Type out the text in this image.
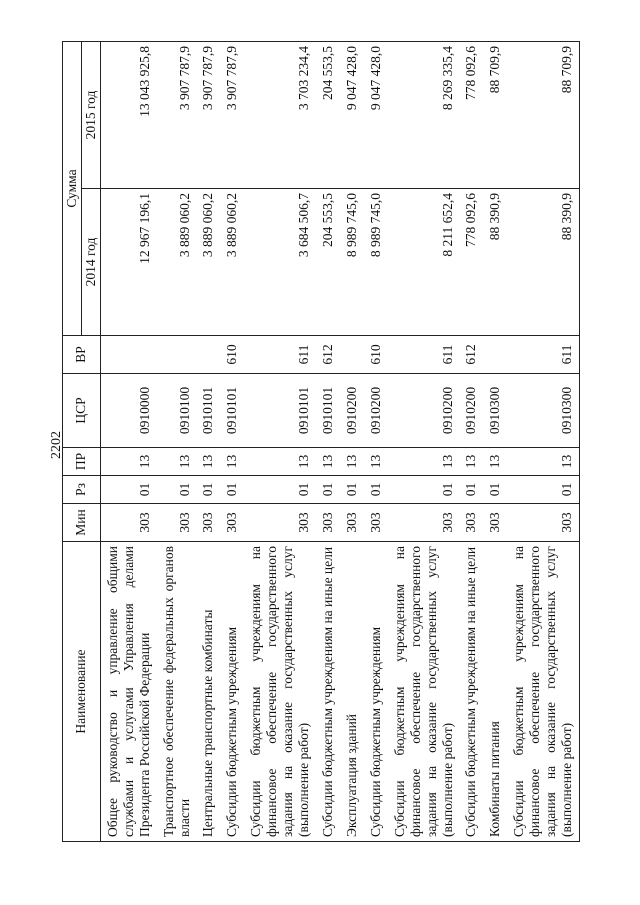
2202
Наименование	Мин	Рз	ПР	ЦСР	ВР	Сумма	
						2014 год	2015 год
Общее руководство и управление общими службами и услугами Управления делами Президента Российской Федерации	303	01	13	0910000		12 967 196,1	13 043 925,8
Транспортное обеспечение федеральных органов власти	303	01	13	0910100		3 889 060,2	3 907 787,9
Центральные транспортные комбинаты	303	01	13	0910101		3 889 060,2	3 907 787,9
Субсидии бюджетным учреждениям	303	01	13	0910101	610	3 889 060,2	3 907 787,9
Субсидии бюджетным учреждениям на финансовое обеспечение государственного задания на оказание государственных услуг (выполнение работ)	303	01	13	0910101	611	3 684 506,7	3 703 234,4
Субсидии бюджетным учреждениям на иные цели	303	01	13	0910101	612	204 553,5	204 553,5
Эксплуатация зданий	303	01	13	0910200		8 989 745,0	9 047 428,0
Субсидии бюджетным учреждениям	303	01	13	0910200	610	8 989 745,0	9 047 428,0
Субсидии бюджетным учреждениям на финансовое обеспечение государственного задания на оказание государственных услуг (выполнение работ)	303	01	13	0910200	611	8 211 652,4	8 269 335,4
Субсидии бюджетным учреждениям на иные цели	303	01	13	0910200	612	778 092,6	778 092,6
Комбинаты питания	303	01	13	0910300		88 390,9	88 709,9
Субсидии бюджетным учреждениям на финансовое обеспечение государственного задания на оказание государственных услуг (выполнение работ)	303	01	13	0910300	611	88 390,9	88 709,9
